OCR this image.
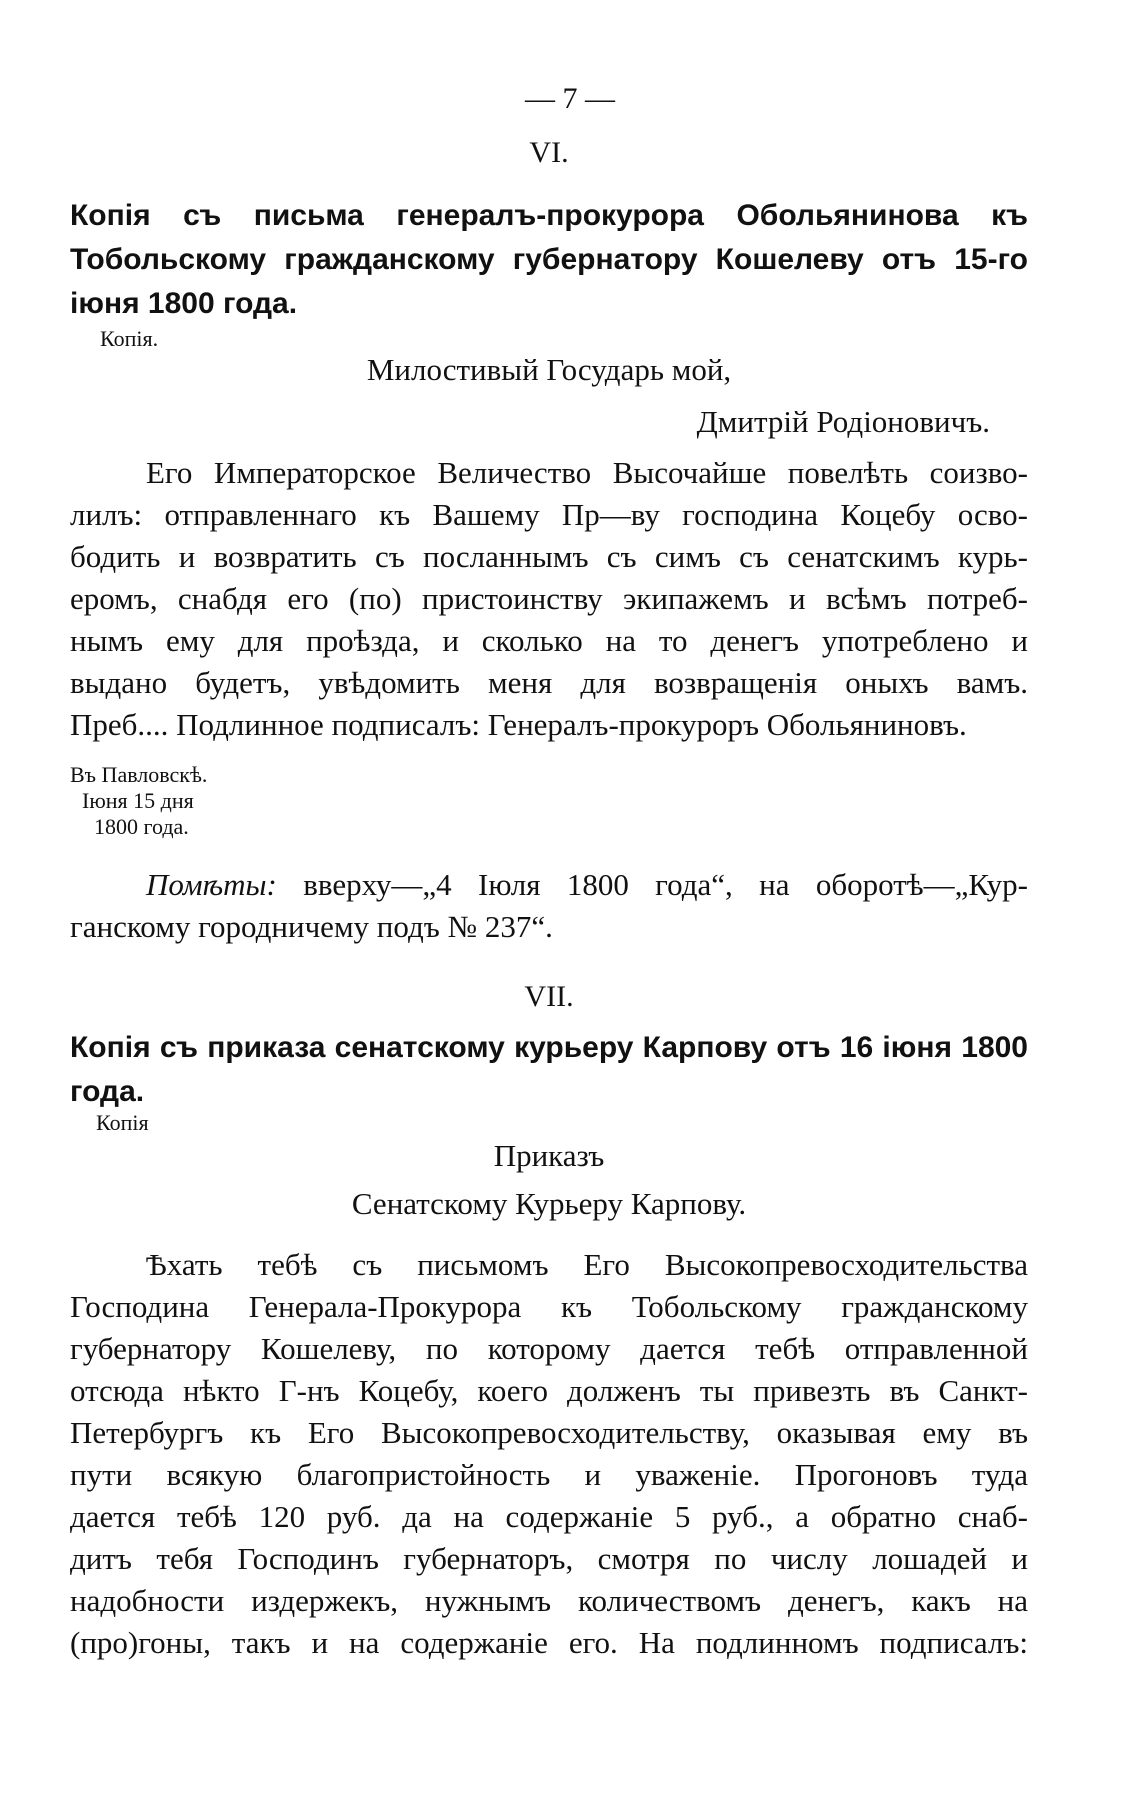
— 7 —
VI.
Копія съ письма генералъ-прокурора Обольянинова къ Тобольскому гражданскому губернатору Кошелеву отъ 15-го іюня 1800 года.
Копія.
Милостивый Государь мой,
Дмитрій Родіоновичъ.
Его Императорское Величество Высочайше повелѣть соизво-
лилъ: отправленнаго къ Вашему Пр—ву господина Коцебу осво-
бодить и возвратить съ посланнымъ съ симъ съ сенатскимъ курь-
еромъ, снабдя его (по) пристоинству экипажемъ и всѣмъ потреб-
нымъ ему для проѣзда, и сколько на то денегъ употреблено и
выдано будетъ, увѣдомить меня для возвращенія оныхъ вамъ.
Преб.... Подлинное подписалъ: Генералъ-прокуроръ Обольяниновъ.
Въ Павловскѣ.
Іюня 15 дня
1800 года.
Помѣты: вверху—„4 Іюля 1800 года“, на оборотѣ—„Кур-
ганскому городничему подъ № 237“.
VII.
Копія съ приказа сенатскому курьеру Карпову отъ 16 іюня 1800 года.
Копія
Приказъ
Сенатскому Курьеру Карпову.
Ѣхать тебѣ съ письмомъ Его Высокопревосходительства
Господина Генерала-Прокурора къ Тобольскому гражданскому
губернатору Кошелеву, по которому дается тебѣ отправленной
отсюда нѣкто Г-нъ Коцебу, коего долженъ ты привезть въ Санкт-
Петербургъ къ Его Высокопревосходительству, оказывая ему въ
пути всякую благопристойность и уваженіе. Прогоновъ туда
дается тебѣ 120 руб. да на содержаніе 5 руб., а обратно снаб-
дитъ тебя Господинъ губернаторъ, смотря по числу лошадей и
надобности издержекъ, нужнымъ количествомъ денегъ, какъ на
(про)гоны, такъ и на содержаніе его. На подлинномъ подписалъ:
